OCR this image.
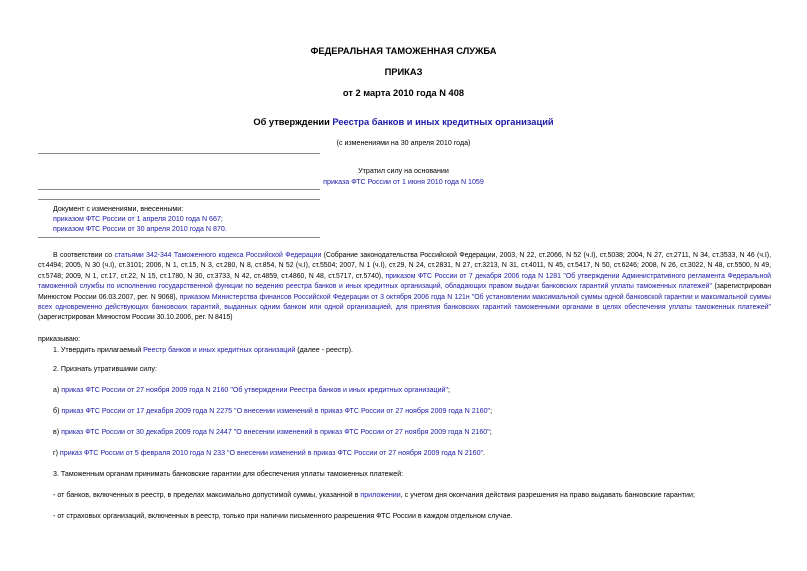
ФЕДЕРАЛЬНАЯ ТАМОЖЕННАЯ СЛУЖБА
ПРИКАЗ
от 2 марта 2010 года N 408
Об утверждении Реестра банков и иных кредитных организаций
(с изменениями на 30 апреля 2010 года)
Утратил силу на основании
приказа ФТС России от 1 июня 2010 года N 1059
Документ с изменениями, внесенными:
приказом ФТС России от 1 апреля 2010 года N 667;
приказом ФТС России от 30 апреля 2010 года N 870.
В соответствии со статьями 342-344 Таможенного кодекса Российской Федерации (Собрание законодательства Российской Федерации, 2003, N 22, ст.2066, N 52 (ч.I), ст.5038; 2004, N 27, ст.2711, N 34, ст.3533, N 46 (ч.I), ст.4494; 2005, N 30 (ч.I), ст.3101; 2006, N 1, ст.15, N 3, ст.280, N 8, ст.854, N 52 (ч.I), ст.5504; 2007, N 1 (ч.I), ст.29, N 24, ст.2831, N 27, ст.3213, N 31, ст.4011, N 45, ст.5417, N 50, ст.6246; 2008, N 26, ст.3022, N 48, ст.5500, N 49, ст.5748; 2009, N 1, ст.17, ст.22, N 15, ст.1780, N 30, ст.3733, N 42, ст.4859, ст.4860, N 48, ст.5717, ст.5740), приказом ФТС России от 7 декабря 2006 года N 1281 "Об утверждении Административного регламента Федеральной таможенной службы по исполнению государственной функции по ведению реестра банков и иных кредитных организаций, обладающих правом выдачи банковских гарантий уплаты таможенных платежей" (зарегистрирован Минюстом России 06.03.2007, рег. N 9068), приказом Министерства финансов Российской Федерации от 3 октября 2006 года N 121н "Об установлении максимальной суммы одной банковской гарантии и максимальной суммы всех одновременно действующих банковских гарантий, выданных одним банком или одной организацией, для принятия банковских гарантий таможенными органами в целях обеспечения уплаты таможенных платежей" (зарегистрирован Минюстом России 30.10.2006, рег. N 8415)
приказываю:
1. Утвердить прилагаемый Реестр банков и иных кредитных организаций (далее - реестр).
2. Признать утратившими силу:
а) приказ ФТС России от 27 ноября 2009 года N 2160 "Об утверждении Реестра банков и иных кредитных организаций";
б) приказ ФТС России от 17 декабря 2009 года N 2275 "О внесении изменений в приказ ФТС России от 27 ноября 2009 года N 2160";
в) приказ ФТС России от 30 декабря 2009 года N 2447 "О внесении изменений в приказ ФТС России от 27 ноября 2009 года N 2160";
г) приказ ФТС России от 5 февраля 2010 года N 233 "О внесении изменений в приказ ФТС России от 27 ноября 2009 года N 2160".
3. Таможенным органам принимать банковские гарантии для обеспечения уплаты таможенных платежей:
- от банков, включенных в реестр, в пределах максимально допустимой суммы, указанной в приложении, с учетом дня окончания действия разрешения на право выдавать банковские гарантии;
- от страховых организаций, включенных в реестр, только при наличии письменного разрешения ФТС России в каждом отдельном случае.
